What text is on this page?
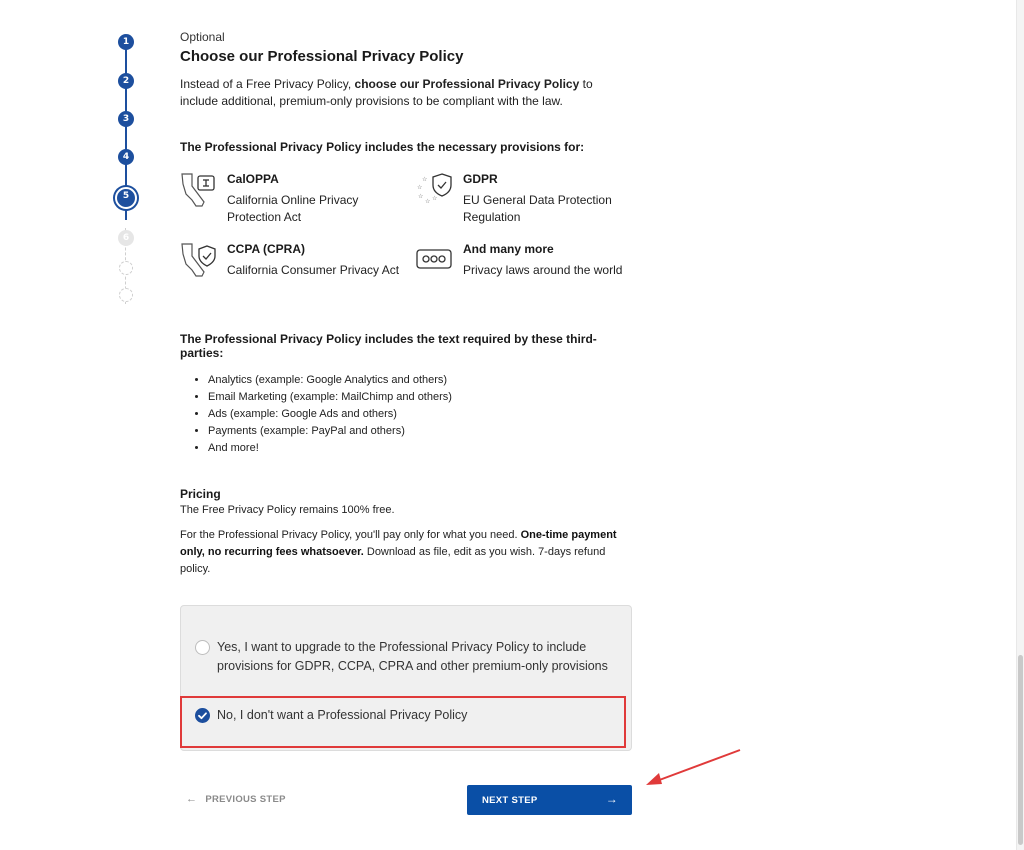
1
2
3
4
5
6
Optional
Choose our Professional Privacy Policy

Instead of a Free Privacy Policy, choose our Professional Privacy Policy to include additional, premium-only provisions to be compliant with the law.

The Professional Privacy Policy includes the necessary provisions for:
CalOPPA
California Online Privacy Protection Act
☆
☆
☆
☆ ☆
GDPR
EU General Data Protection Regulation
CCPA (CPRA)
California Consumer Privacy Act
And many more
Privacy laws around the world
The Professional Privacy Policy includes the text required by these third-parties:
• Analytics (example: Google Analytics and others)
• Email Marketing (example: MailChimp and others)
• Ads (example: Google Ads and others)
• Payments (example: PayPal and others)
• And more!
Pricing
The Free Privacy Policy remains 100% free.

For the Professional Privacy Policy, you'll pay only for what you need. One-time payment only, no recurring fees whatsoever. Download as file, edit as you wish. 7-days refund policy.

Yes, I want to upgrade to the Professional Privacy Policy to include provisions for GDPR, CCPA, CPRA and other premium-only provisions
No, I don't want a Professional Privacy Policy
← PREVIOUS STEP	NEXT STEP	→
